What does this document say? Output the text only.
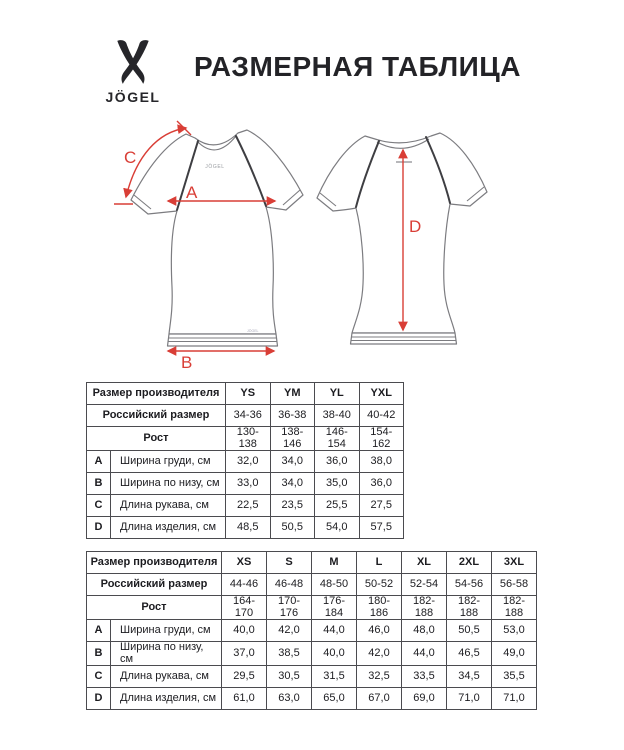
JÖGEL
РАЗМЕРНАЯ ТАБЛИЦА
JÖGEL
JÖGEL
A
B
C
D
Размер производителя		YS	YM	YL	YXL
Российский размер		34-36	36-38	38-40	40-42
Рост		130-138	138-146	146-154	154-162
A	Ширина груди, см	32,0	34,0	36,0	38,0
B	Ширина по низу, см	33,0	34,0	35,0	36,0
C	Длина рукава, см	22,5	23,5	25,5	27,5
D	Длина изделия, см	48,5	50,5	54,0	57,5
Размер производителя		XS	S	M	L	XL	2XL	3XL
Российский размер		44-46	46-48	48-50	50-52	52-54	54-56	56-58
Рост		164-170	170-176	176-184	180-186	182-188	182-188	182-188
A	Ширина груди, см	40,0	42,0	44,0	46,0	48,0	50,5	53,0
B	Ширина по низу, см	37,0	38,5	40,0	42,0	44,0	46,5	49,0
C	Длина рукава, см	29,5	30,5	31,5	32,5	33,5	34,5	35,5
D	Длина изделия, см	61,0	63,0	65,0	67,0	69,0	71,0	71,0
